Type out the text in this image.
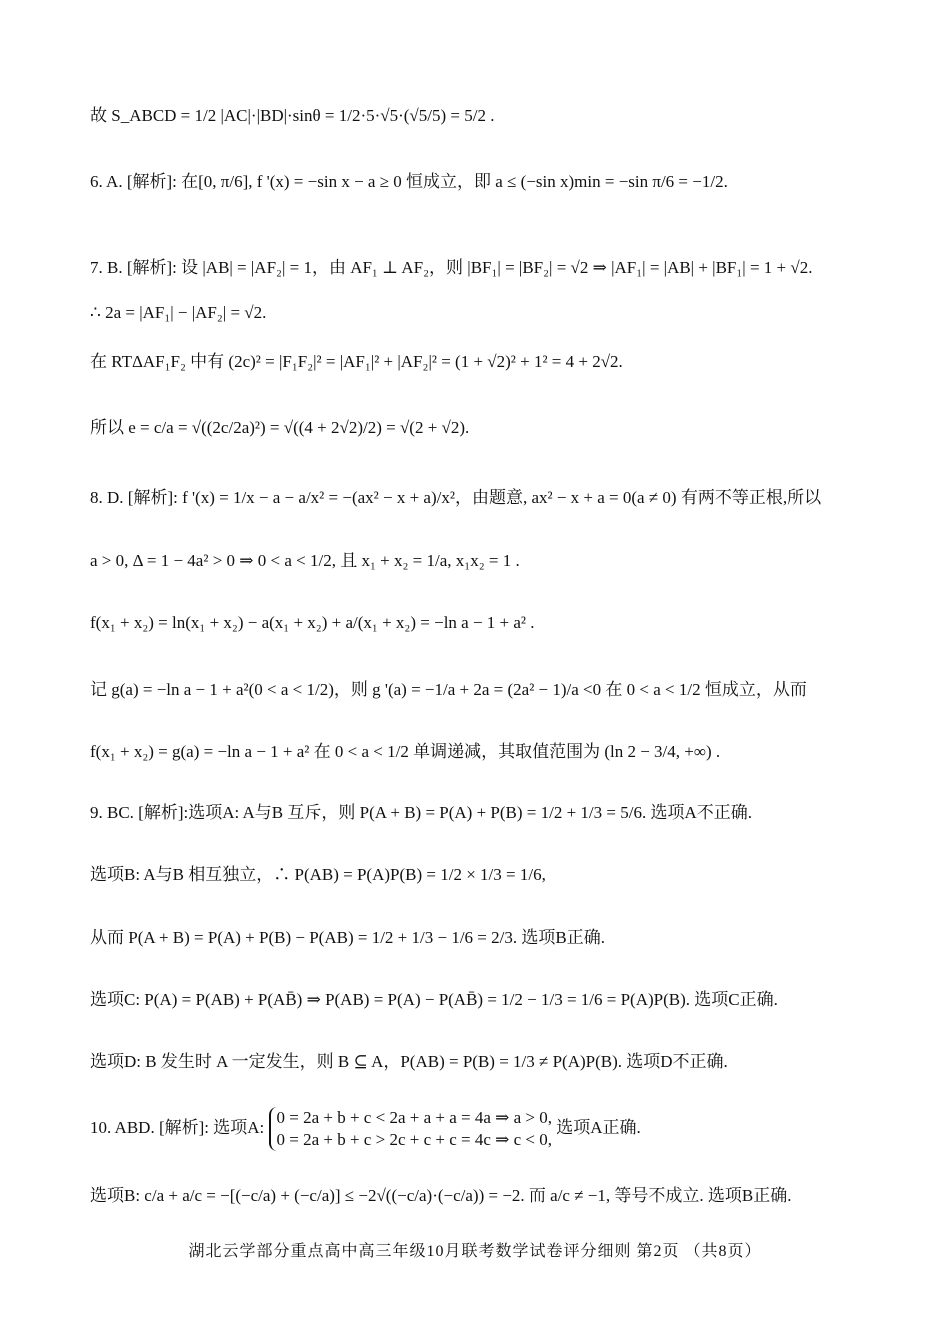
故 S_ABCD = 1/2 |AC|·|BD|·sinθ = 1/2·5·√5·(√5/5) = 5/2 .
6. A. [解析]: 在[0, π/6], f '(x) = −sin x − a ≥ 0 恒成立，即 a ≤ (−sin x)min = −sin π/6 = −1/2.
7. B. [解析]: 设 |AB| = |AF₂| = 1，由 AF₁ ⊥ AF₂，则 |BF₁| = |BF₂| = √2 ⇒ |AF₁| = |AB| + |BF₁| = 1 + √2.
∴ 2a = |AF₁| − |AF₂| = √2.
在 RTΔAF₁F₂ 中有 (2c)² = |F₁F₂|² = |AF₁|² + |AF₂|² = (1 + √2)² + 1² = 4 + 2√2.
所以 e = c/a = √((2c/2a)²) = √((4 + 2√2)/2) = √(2 + √2).
8. D. [解析]: f '(x) = 1/x − a − a/x² = −(ax² − x + a)/x²，由题意, ax² − x + a = 0(a ≠ 0) 有两不等正根,所以
a > 0, Δ = 1 − 4a² > 0 ⇒ 0 < a < 1/2, 且 x₁ + x₂ = 1/a, x₁x₂ = 1 .
f(x₁ + x₂) = ln(x₁ + x₂) − a(x₁ + x₂) + a/(x₁ + x₂) = −ln a − 1 + a² .
记 g(a) = −ln a − 1 + a²(0 < a < 1/2)，则 g '(a) = −1/a + 2a = (2a² − 1)/a <0 在 0 < a < 1/2 恒成立，从而
f(x₁ + x₂) = g(a) = −ln a − 1 + a² 在 0 < a < 1/2 单调递减，其取值范围为 (ln 2 − 3/4, +∞) .
9. BC. [解析]:选项A: A与B 互斥，则 P(A + B) = P(A) + P(B) = 1/2 + 1/3 = 5/6. 选项A不正确.
选项B: A与B 相互独立，∴ P(AB) = P(A)P(B) = 1/2 × 1/3 = 1/6,
从而 P(A + B) = P(A) + P(B) − P(AB) = 1/2 + 1/3 − 1/6 = 2/3. 选项B正确.
选项C: P(A) = P(AB) + P(AB̄) ⇒ P(AB) = P(A) − P(AB̄) = 1/2 − 1/3 = 1/6 = P(A)P(B). 选项C正确.
选项D: B 发生时 A 一定发生，则 B ⊆ A，P(AB) = P(B) = 1/3 ≠ P(A)P(B). 选项D不正确.
10. ABD. [解析]: 选项A:
0 = 2a + b + c < 2a + a + a = 4a ⇒ a > 0,
0 = 2a + b + c > 2c + c + c = 4c ⇒ c < 0,
选项A正确.
选项B: c/a + a/c = −[(−c/a) + (−c/a)] ≤ −2√((−c/a)·(−c/a)) = −2. 而 a/c ≠ −1, 等号不成立. 选项B正确.
湖北云学部分重点高中高三年级10月联考数学试卷评分细则 第2页 （共8页）
